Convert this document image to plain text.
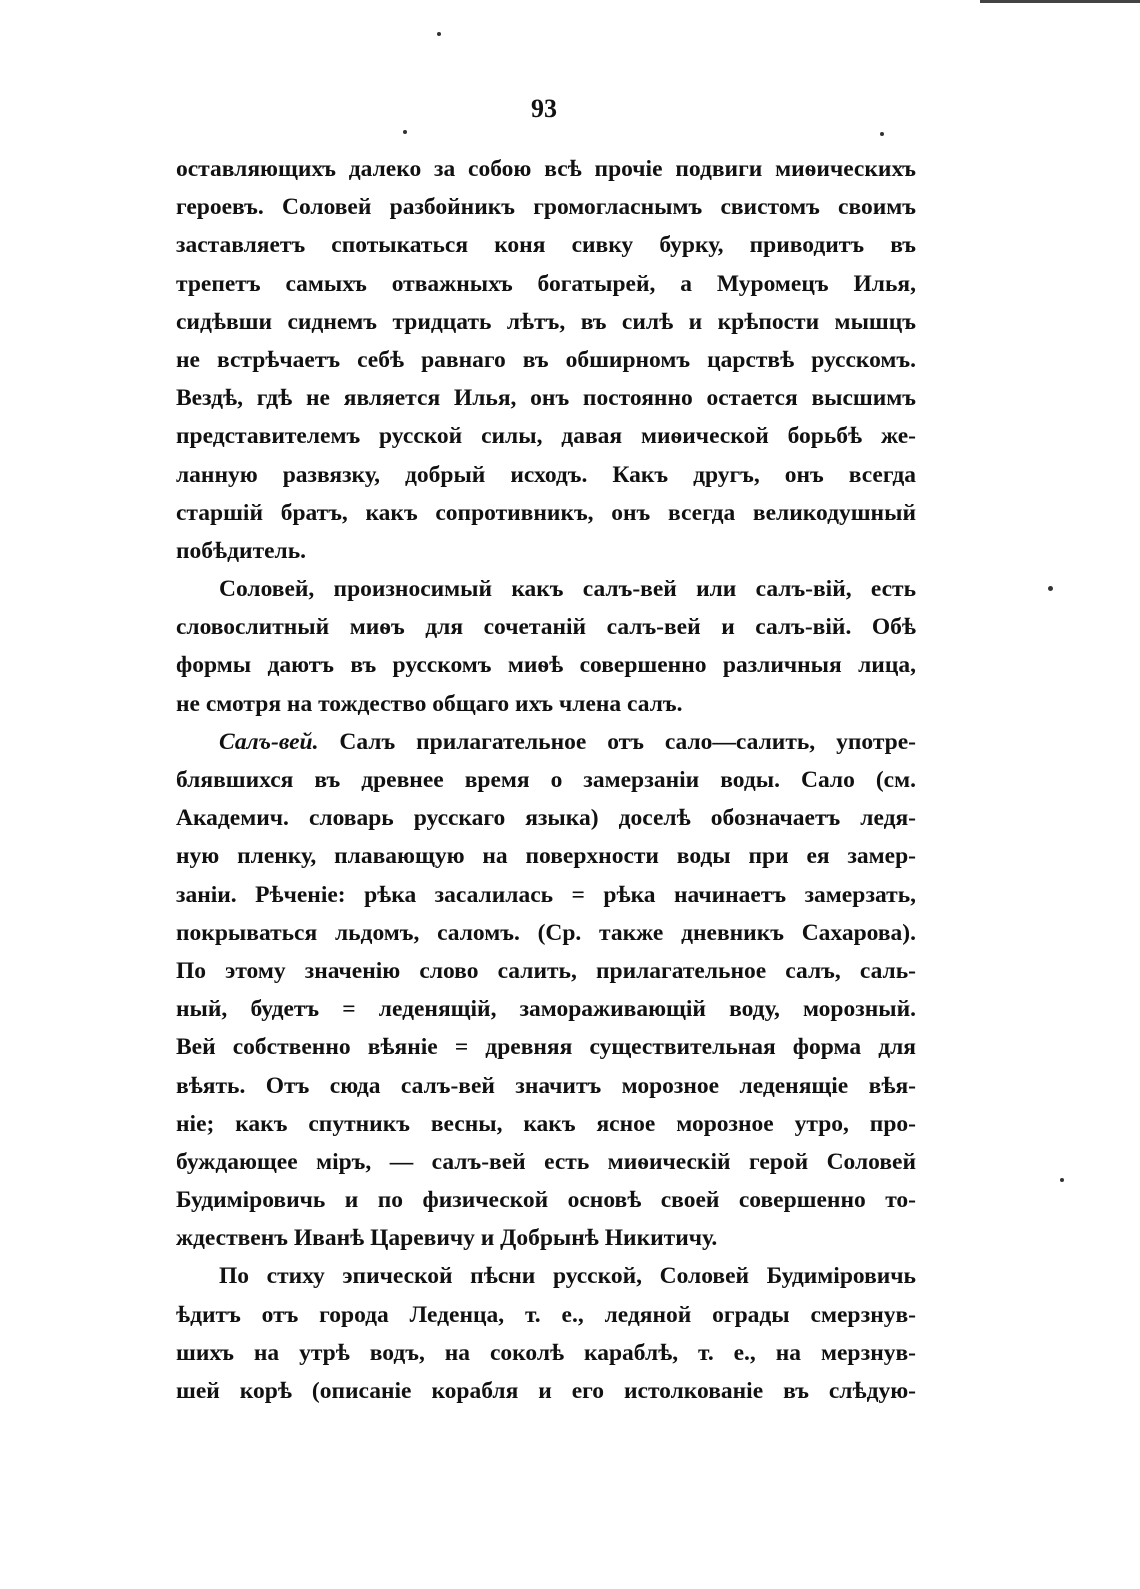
93
оставляющихъ далеко за собою всѣ прочіе подвиги миѳическихъ
героевъ. Соловей разбойникъ громогласнымъ свистомъ своимъ
заставляетъ спотыкаться коня сивку бурку, приводитъ въ
трепетъ самыхъ отважныхъ богатырей, а Муромецъ Илья,
сидѣвши сиднемъ тридцать лѣтъ, въ силѣ и крѣпости мышцъ
не встрѣчаетъ себѣ равнаго въ обширномъ царствѣ русскомъ.
Вездѣ, гдѣ не является Илья, онъ постоянно остается высшимъ
представителемъ русской силы, давая миѳической борьбѣ же-
ланную развязку, добрый исходъ. Какъ другъ, онъ всегда
старшій братъ, какъ сопротивникъ, онъ всегда великодушный
побѣдитель.
Соловей, произносимый какъ салъ-вей или салъ-вій, есть
словослитный миѳъ для сочетаній салъ-вей и салъ-вій. Обѣ
формы даютъ въ русскомъ миѳѣ совершенно различныя лица,
не смотря на тождество общаго ихъ члена салъ.
Салъ-вей. Салъ прилагательное отъ сало—салить, употре-
блявшихся въ древнее время о замерзаніи воды. Сало (см.
Академич. словарь русскаго языка) доселѣ обозначаетъ ледя-
ную пленку, плавающую на поверхности воды при ея замер-
заніи. Рѣченіе: рѣка засалилась = рѣка начинаетъ замерзать,
покрываться льдомъ, саломъ. (Ср. также дневникъ Сахарова).
По этому значенію слово салить, прилагательное салъ, саль-
ный, будетъ = леденящій, замораживающій воду, морозный.
Вей собственно вѣяніе = древняя существительная форма для
вѣять. Отъ сюда салъ-вей значитъ морозное леденящіе вѣя-
ніе; какъ спутникъ весны, какъ ясное морозное утро, про-
буждающее міръ, — салъ-вей есть миѳическій герой Соловей
Будиміровичь и по физической основѣ своей совершенно то-
ждественъ Иванѣ Царевичу и Добрынѣ Никитичу.
По стиху эпической пѣсни русской, Соловей Будиміровичь
ѣдитъ отъ города Леденца, т. е., ледяной ограды смерзнув-
шихъ на утрѣ водъ, на соколѣ караблѣ, т. е., на мерзнув-
шей корѣ (описаніе корабля и его истолкованіе въ слѣдую-
